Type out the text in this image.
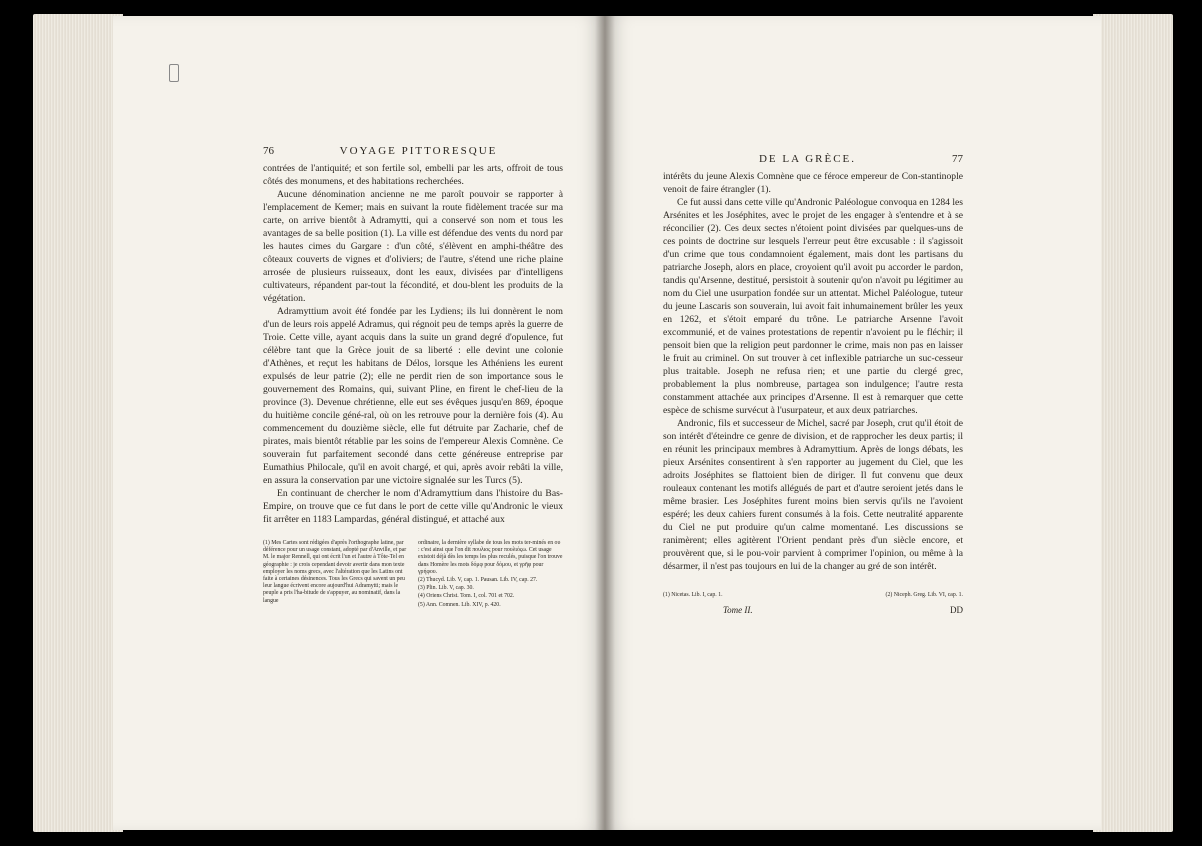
76	VOYAGE PITTORESQUE

contrées de l'antiquité; et son fertile sol, embelli par les arts, offroit de tous côtés des monumens, et des habitations recherchées.

Aucune dénomination ancienne ne me paroît pouvoir se rapporter à l'emplacement de Kemer; mais en suivant la route fidèlement tracée sur ma carte, on arrive bientôt à Adramytti, qui a conservé son nom et tous les avantages de sa belle position (1). La ville est défendue des vents du nord par les hautes cimes du Gargare : d'un côté, s'élèvent en amphi-théâtre des côteaux couverts de vignes et d'oliviers; de l'autre, s'étend une riche plaine arrosée de plusieurs ruisseaux, dont les eaux, divisées par d'intelligens cultivateurs, répandent par-tout la fécondité, et dou-blent les produits de la végétation.

Adramyttium avoit été fondée par les Lydiens; ils lui donnèrent le nom d'un de leurs rois appelé Adramus, qui régnoit peu de temps après la guerre de Troie. Cette ville, ayant acquis dans la suite un grand degré d'opulence, fut célèbre tant que la Grèce jouit de sa liberté : elle devint une colonie d'Athènes, et reçut les habitans de Délos, lorsque les Athéniens les eurent expulsés de leur patrie (2); elle ne perdit rien de son importance sous le gouvernement des Romains, qui, suivant Pline, en firent le chef-lieu de la province (3). Devenue chrétienne, elle eut ses évêques jusqu'en 869, époque du huitième concile géné-ral, où on les retrouve pour la dernière fois (4). Au commencement du douzième siècle, elle fut détruite par Zacharie, chef de pirates, mais bientôt rétablie par les soins de l'empereur Alexis Comnène. Ce souverain fut parfaitement secondé dans cette généreuse entreprise par Eumathius Philocale, qu'il en avoit chargé, et qui, après avoir rebâti la ville, en assura la conservation par une victoire signalée sur les Turcs (5).

En continuant de chercher le nom d'Adramyttium dans l'histoire du Bas-Empire, on trouve que ce fut dans le port de cette ville qu'Andronic le vieux fit arrêter en 1183 Lampardas, général distingué, et attaché aux

(1) Mes Cartes sont rédigées d'après l'orthographe latine, par déférence pour un usage constant, adopté par d'Anville, et par M. le major Rennell, qui ont écrit l'un et l'autre à Tôte-Tel en géographie : je crois cependant devoir avertir dans mon texte employer les noms grecs, avec l'altération que les Latins ont faite à certaines désinences. Tous les Grecs qui savent un peu leur langue écrivent encore aujourd'hui Adramytti; mais le peuple a pris l'ha-bitude de s'appuyer, au nominatif, dans la langue
ordinaire, la dernière syllabe de tous les mots ter-minés en ου : c'est ainsi que l'on dit πουλιος pour πουλιόςω. Cet usage existoit déjà dès les temps les plus reculés, puisque l'on trouve dans Homère les mots δόμφ pour δόμου, et γρῆφ pour γρήφου.
(2) Thucyd. Lib. V, cap. 1. Pausan. Lib. IV, cap. 27.
(3) Plin. Lib. V, cap. 30.
(4) Oriens Christ. Tom. I, col. 701 et 702.
(5) Ann. Comnen. Lib. XIV, p. 420.
DE LA GRÈCE.	77

intérêts du jeune Alexis Comnène que ce féroce empereur de Con-stantinople venoit de faire étrangler (1).

Ce fut aussi dans cette ville qu'Andronic Paléologue convoqua en 1284 les Arsénites et les Joséphites, avec le projet de les engager à s'entendre et à se réconcilier (2). Ces deux sectes n'étoient point divisées par quelques-uns de ces points de doctrine sur lesquels l'erreur peut être excusable : il s'agissoit d'un crime que tous condamnoient également, mais dont les partisans du patriarche Joseph, alors en place, croyoient qu'il avoit pu accorder le pardon, tandis qu'Arsenne, destitué, persistoit à soutenir qu'on n'avoit pu légitimer au nom du Ciel une usurpation fondée sur un attentat. Michel Paléologue, tuteur du jeune Lascaris son souverain, lui avoit fait inhumainement brûler les yeux en 1262, et s'étoit emparé du trône. Le patriarche Arsenne l'avoit excommunié, et de vaines protestations de repentir n'avoient pu le fléchir; il pensoit bien que la religion peut pardonner le crime, mais non pas en laisser le fruit au criminel. On sut trouver à cet inflexible patriarche un suc-cesseur plus traitable. Joseph ne refusa rien; et une partie du clergé grec, probablement la plus nombreuse, partagea son indulgence; l'autre resta constamment attachée aux principes d'Arsenne. Il est à remarquer que cette espèce de schisme survécut à l'usurpateur, et aux deux patriarches.

Andronic, fils et successeur de Michel, sacré par Joseph, crut qu'il étoit de son intérêt d'éteindre ce genre de division, et de rapprocher les deux partis; il en réunit les principaux membres à Adramyttium. Après de longs débats, les pieux Arsénites consentirent à s'en rapporter au jugement du Ciel, que les adroits Joséphites se flattoient bien de diriger. Il fut convenu que deux rouleaux contenant les motifs allégués de part et d'autre seroient jetés dans le même brasier. Les Joséphites furent moins bien servis qu'ils ne l'avoient espéré; les deux cahiers furent consumés à la fois. Cette neutralité apparente du Ciel ne put produire qu'un calme momentané. Les discussions se ranimèrent; elles agitèrent l'Orient pendant près d'un siècle encore, et prouvèrent que, si le pou-voir parvient à comprimer l'opinion, ou même à la désarmer, il n'est pas toujours en lui de la changer au gré de son intérêt.

(1) Nicetas. Lib. I, cap. 1.	(2) Niceph. Greg. Lib. VI, cap. 1.
Tome II.	DD
